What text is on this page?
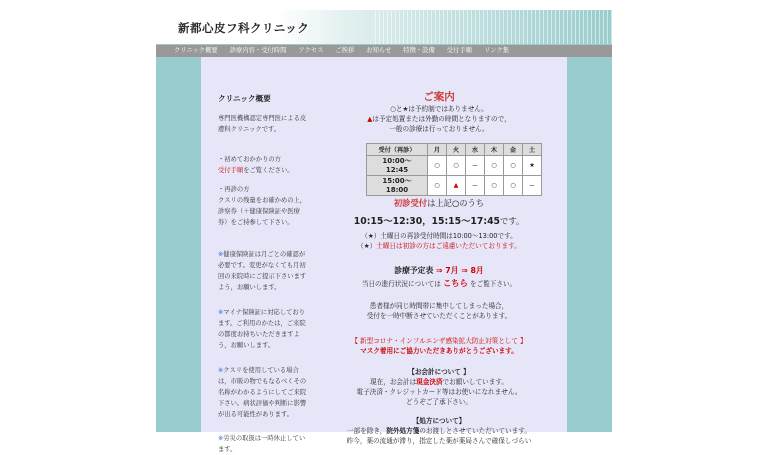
新都心皮フ科クリニック
クリニック概要	診療内容・受付時間	アクセス	ご挨拶	お知らせ	特徴・設備	受付手順	リンク集
クリニック概要
専門医機構認定専門医による皮膚科クリニックです。
・初めておかかりの方
受付手順をご覧ください。
・再診の方
クスリの残量をお確かめの上，診察券（＋健康保険証や医療券）をご持参して下さい。
※健康保険証は月ごとの確認が必要です。変更がなくても月初回の来院時にご提示下さいますよう，お願いします。
※マイナ保険証に対応しております。ご利用のかたは，ご来院の都度お持ちいただきますよう，お願いします。
※クスリを使用している場合は，市販の物でもなるべくその名称がわかるようにしてご来院下さい。病状評価や判断に影響が出る可能性があります。
※労災の取扱は一時休止しています。
ご案内
○と★は予約制ではありません。
▲は予定処置または外勤の時間となりますので，
一般の診療は行っておりません。
受付（再診）	月	火	水	木	金	土
10:00～
12:45	○	○	ー	○	○	★
15:00～
18:00	○	▲	ー	○	○	ー
初診受付は上記○のうち
10:15～12:30，15:15～17:45です。
（★）土曜日の再診受付時間は10:00～13:00です。
（★）土曜日は初診の方はご遠慮いただいております。
診療予定表 ⇒ 7月 ⇒ 8月
当日の進行状況については こちら をご覧下さい。
患者様が同じ時間帯に集中してしまった場合，
受付を一時中断させていただくことがあります。
【 新型コロナ・インフルエンザ感染拡大防止対策として 】
マスク着用にご協力いただきありがとうございます。
【お会計について 】
現在，お会計は現金決済でお願いしています。
電子決済・クレジットカード等はお使いになれません。
どうぞご了承下さい。
【処方について】
一部を除き，院外処方箋のお渡しとさせていただいています。
昨今，薬の流通が滞り，指定した薬が薬局さんで確保しづらい
